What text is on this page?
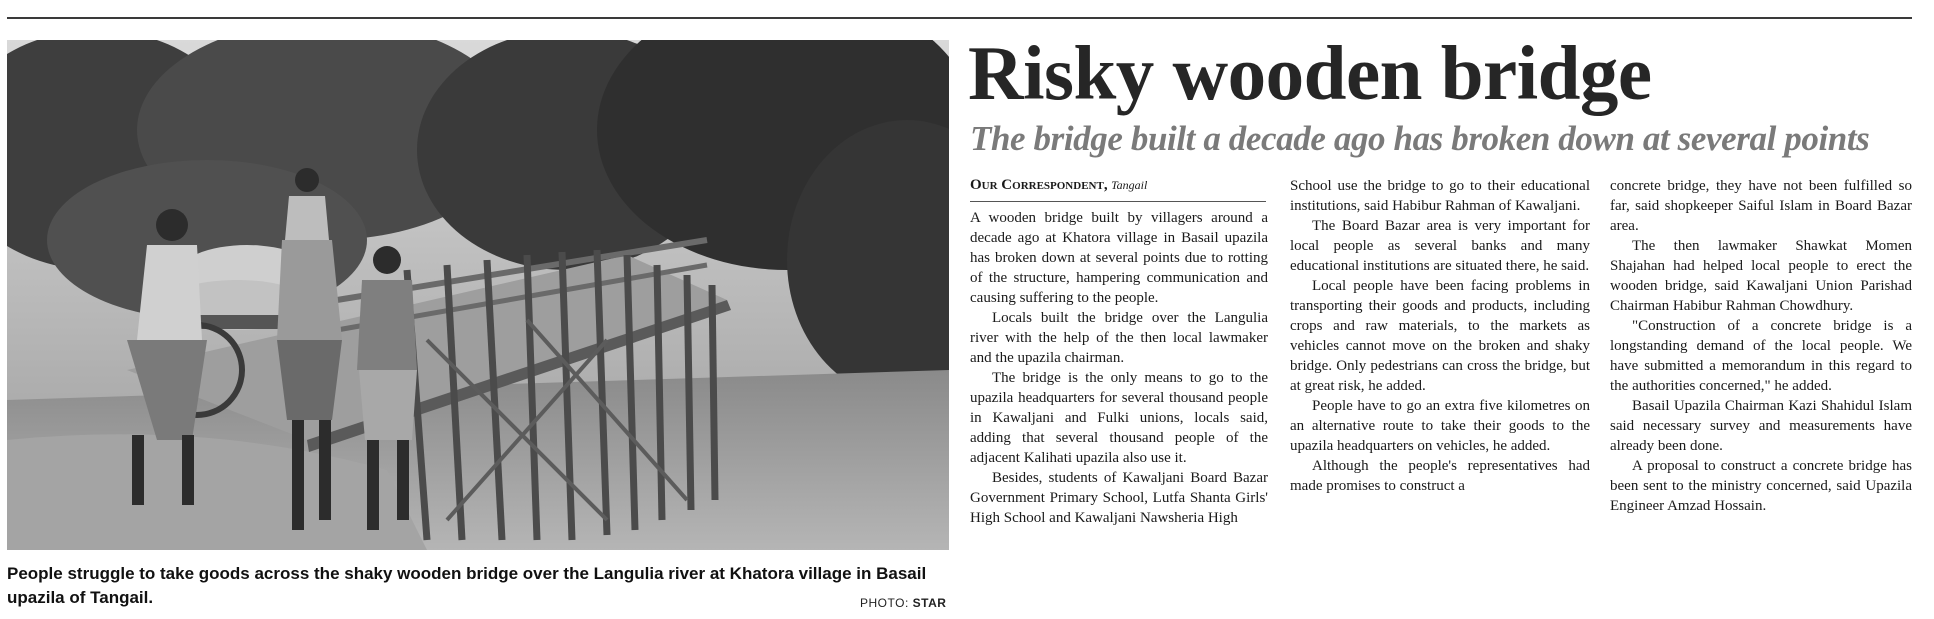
People struggle to take goods across the shaky wooden bridge over the Langulia river at Khatora village in Basail upazila of Tangail.	PHOTO: STAR
Risky wooden bridge
The bridge built a decade ago has broken down at several points
Our Correspondent, Tangail

A wooden bridge built by villagers around a decade ago at Khatora village in Basail upazila has broken down at several points due to rotting of the structure, hampering communication and causing suffering to the people.

Locals built the bridge over the Langulia river with the help of the then local lawmaker and the upazila chairman.

The bridge is the only means to go to the upazila headquarters for several thousand people in Kawaljani and Fulki unions, locals said, adding that several thousand people of the adjacent Kalihati upazila also use it.

Besides, students of Kawaljani Board Bazar Government Primary School, Lutfa Shanta Girls' High School and Kawaljani Nawsheria High

School use the bridge to go to their educational institutions, said Habibur Rahman of Kawaljani.

The Board Bazar area is very important for local people as several banks and many educational institutions are situated there, he said.

Local people have been facing problems in transporting their goods and products, including crops and raw materials, to the markets as vehicles cannot move on the broken and shaky bridge. Only pedestrians can cross the bridge, but at great risk, he added.

People have to go an extra five kilometres on an alternative route to take their goods to the upazila headquarters on vehicles, he added.

Although the people's representatives had made promises to construct a

concrete bridge, they have not been fulfilled so far, said shopkeeper Saiful Islam in Board Bazar area.

The then lawmaker Shawkat Momen Shajahan had helped local people to erect the wooden bridge, said Kawaljani Union Parishad Chairman Habibur Rahman Chowdhury.

"Construction of a concrete bridge is a longstanding demand of the local people. We have submitted a memorandum in this regard to the authorities concerned," he added.

Basail Upazila Chairman Kazi Shahidul Islam said necessary survey and measurements have already been done.

A proposal to construct a concrete bridge has been sent to the ministry concerned, said Upazila Engineer Amzad Hossain.
